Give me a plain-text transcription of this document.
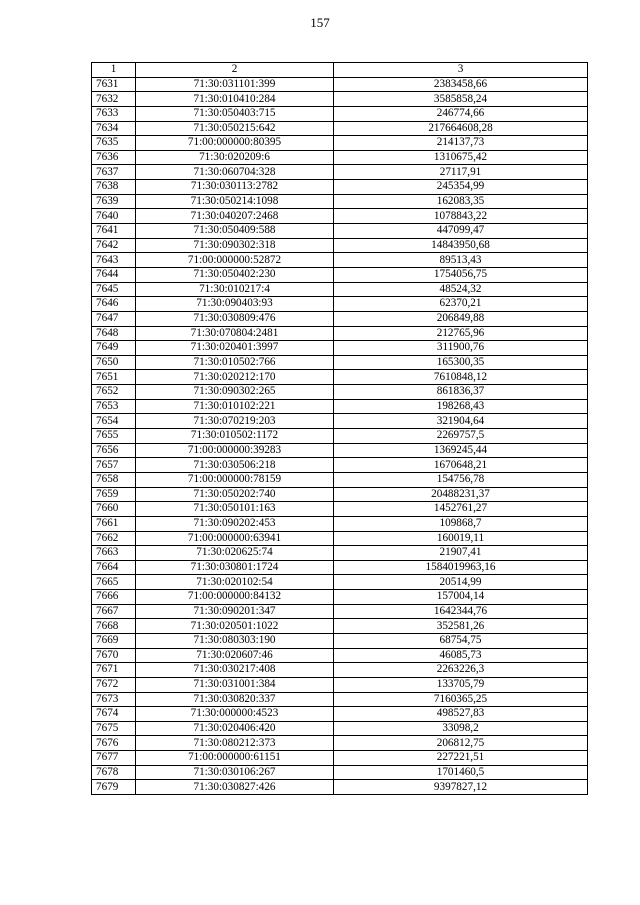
157
1	2	3
7631	71:30:031101:399	2383458,66
7632	71:30:010410:284	3585858,24
7633	71:30:050403:715	246774,66
7634	71:30:050215:642	217664608,28
7635	71:00:000000:80395	214137,73
7636	71:30:020209:6	1310675,42
7637	71:30:060704:328	27117,91
7638	71:30:030113:2782	245354,99
7639	71:30:050214:1098	162083,35
7640	71:30:040207:2468	1078843,22
7641	71:30:050409:588	447099,47
7642	71:30:090302:318	14843950,68
7643	71:00:000000:52872	89513,43
7644	71:30:050402:230	1754056,75
7645	71:30:010217:4	48524,32
7646	71:30:090403:93	62370,21
7647	71:30:030809:476	206849,88
7648	71:30:070804:2481	212765,96
7649	71:30:020401:3997	311900,76
7650	71:30:010502:766	165300,35
7651	71:30:020212:170	7610848,12
7652	71:30:090302:265	861836,37
7653	71:30:010102:221	198268,43
7654	71:30:070219:203	321904,64
7655	71:30:010502:1172	2269757,5
7656	71:00:000000:39283	1369245,44
7657	71:30:030506:218	1670648,21
7658	71:00:000000:78159	154756,78
7659	71:30:050202:740	20488231,37
7660	71:30:050101:163	1452761,27
7661	71:30:090202:453	109868,7
7662	71:00:000000:63941	160019,11
7663	71:30:020625:74	21907,41
7664	71:30:030801:1724	1584019963,16
7665	71:30:020102:54	20514,99
7666	71:00:000000:84132	157004,14
7667	71:30:090201:347	1642344,76
7668	71:30:020501:1022	352581,26
7669	71:30:080303:190	68754,75
7670	71:30:020607:46	46085,73
7671	71:30:030217:408	2263226,3
7672	71:30:031001:384	133705,79
7673	71:30:030820:337	7160365,25
7674	71:30:000000:4523	498527,83
7675	71:30:020406:420	33098,2
7676	71:30:080212:373	206812,75
7677	71:00:000000:61151	227221,51
7678	71:30:030106:267	1701460,5
7679	71:30:030827:426	9397827,12
